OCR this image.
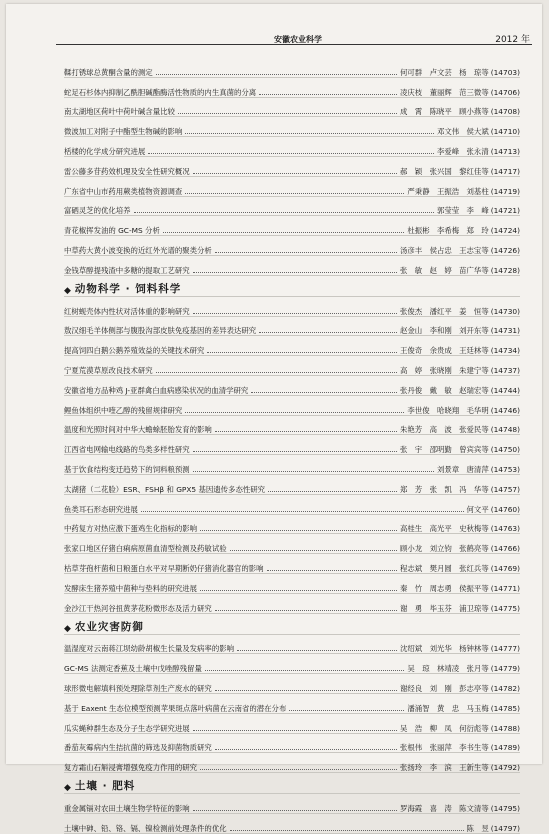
安徽农业科学	2012 年
鞣打锈球总黄酮含量的测定	何可群　卢文芸　杨　琼等 (14703)
蛇足石杉体内抑制乙酰胆碱酯酶活性物质的内生真菌的分离	凌庆枝　董丽辉　范三微等 (14706)
南太湖地区荷叶中荷叶碱含量比较	成　霄　陈晓平　顾小燕等 (14708)
微波加工对附子中酯型生物碱的影响	邓文伟　侯大斌 (14710)
栝楼的化学成分研究进展	李爱峰　张永清 (14713)
雷公藤多苷药效机理及安全性研究概况	郝　颖　张兴国　黎红佳等 (14717)
广东省中山市药用蕨类植物资源调查	严秉静　王振浩　刘基柱 (14719)
富硒灵芝的优化培养	郭莹莹　李　峰 (14721)
青花椒挥发油的 GC-MS 分析	杜振彬　李希梅　郑　玲 (14724)
中草药大黄小波变换的近红外光谱的聚类分析	汤彦丰　侯占忠　王志宝等 (14726)
金钱草醇提残渣中多糖的提取工艺研究	张　敏　赵　婷　苗广华等 (14728)
◆ 动物科学 · 饲料科学
红树蚬壳体内性状对活体重的影响研究	张俊杰　潘红平　姜　恒等 (14730)
敖汉细毛羊体侧部与腹股沟部皮肤免疫基因的差异表达研究	赵金山　李和刚　刘开东等 (14731)
提高饲四白鹅公鹅养殖效益的关键技术研究	王俊奇　余贵成　王廷林等 (14734)
宁夏荒漠草原改良技术研究	高　婷　张晓刚　朱建宁等 (14737)
安徽省地方品种鸡 J-亚群禽白血病感染状况的血清学研究	张丹俊　戴　敏　赵瑞宏等 (14744)
鲤鱼体组织中喹乙醇的残留规律研究	李世俊　哈晓翔　毛华明 (14746)
温度和光照时间对中华大蟾蜍胚胎发育的影响	朱艳芳　高　波　张爱民等 (14748)
江西省电网输电线路的鸟类多样性研究	张　宇　邵明勤　曾宾宾等 (14750)
基于饮食结构变迁趋势下的饲料粮预测	刘景章　唐清萍 (14753)
太湖猪（二花脸）ESR、FSHβ 和 GPX5 基因遗传多态性研究	郑　芳　张　凯　冯　华等 (14757)
鱼类耳石形态研究进展	何文平 (14760)
中药复方对热应激下蛋鸡生化指标的影响	高桂生　高光平　史秋梅等 (14763)
张家口地区仔猪白痢病原菌血清型检测及药敏试验	顾小龙　刘立钧　张鹤亮等 (14766)
枯草芽孢杆菌和日粮蛋白水平对早期断奶仔猪消化器官的影响	程志斌　樊月圆　张红兵等 (14769)
发酵床生猪养殖中菌种与垫料的研究进展	秦　竹　周志勇　侯振平等 (14771)
金沙江干热河谷扭黄茅花粉微形态及活力研究	谢　勇　毕玉芬　浦卫琼等 (14775)
◆ 农业灾害防御
温湿度对云南蒋江坝幼龄胡椒生长量及发病率的影响	沈绍斌　刘光华　杨钟林等 (14777)
GC-MS 法测定香蕉及土壤中戊唑醇残留量	吴　琼　林靖凌　张月等 (14779)
球形微电解填料预处理除草剂生产废水的研究	谢经良　刘　刚　彭志亭等 (14782)
基于 Eaxent 生态位模型预测苹果斑点落叶病菌在云南省的潜在分布	潘涌智　黄　忠　马玉梅 (14785)
瓜实蝇种群生态及分子生态学研究进展	吴　浩　柳　凤　何衍彪等 (14788)
番茄灰霉病内生拮抗菌的筛选及抑菌物质研究	张根伟　张丽萍　李书生等 (14789)
复方霜山石斛浸膏增强免疫力作用的研究	张扬玲　李　滨　王新生等 (14792)
◆ 土壤 · 肥料
重金属镉对农田土壤生物学特征的影响	罗海霞　喜　涛　陈文清等 (14795)
土壤中砷、铅、铬、镉、镍检测前处理条件的优化	陈　昱 (14797)
